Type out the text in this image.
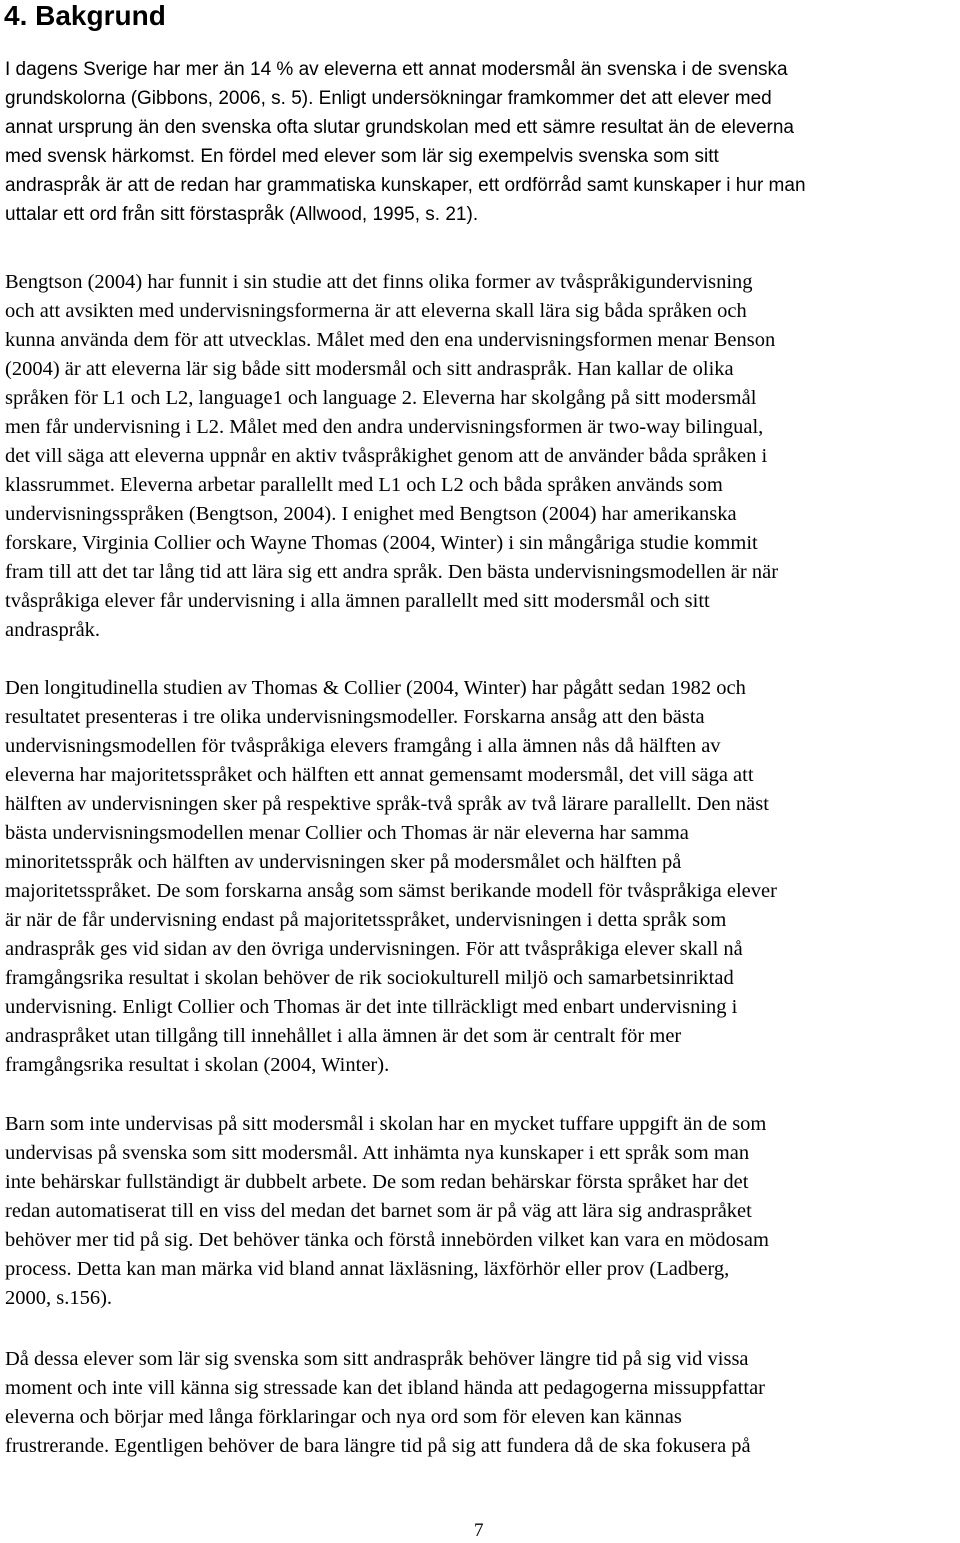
4. Bakgrund

I dagens Sverige har mer än 14 % av eleverna ett annat modersmål än svenska i de svenska

grundskolorna (Gibbons, 2006, s. 5). Enligt undersökningar framkommer det att elever med

annat ursprung än den svenska ofta slutar grundskolan med ett sämre resultat än de eleverna

med svensk härkomst. En fördel med elever som lär sig exempelvis svenska som sitt

andraspråk är att de redan har grammatiska kunskaper, ett ordförråd samt kunskaper i hur man

uttalar ett ord från sitt förstaspråk (Allwood, 1995, s. 21).

Bengtson (2004) har funnit i sin studie att det finns olika former av tvåspråkigundervisning

och att avsikten med undervisningsformerna är att eleverna skall lära sig båda språken och

kunna använda dem för att utvecklas. Målet med den ena undervisningsformen menar Benson

(2004) är att eleverna lär sig både sitt modersmål och sitt andraspråk. Han kallar de olika

språken för L1 och L2, language1 och language 2. Eleverna har skolgång på sitt modersmål

men får undervisning i L2. Målet med den andra undervisningsformen är two-way bilingual,

det vill säga att eleverna uppnår en aktiv tvåspråkighet genom att de använder båda språken i

klassrummet. Eleverna arbetar parallellt med L1 och L2 och båda språken används som

undervisningsspråken (Bengtson, 2004). I enighet med Bengtson (2004) har amerikanska

forskare, Virginia Collier och Wayne Thomas (2004, Winter) i sin mångåriga studie kommit

fram till att det tar lång tid att lära sig ett andra språk. Den bästa undervisningsmodellen är när

tvåspråkiga elever får undervisning i alla ämnen parallellt med sitt modersmål och sitt

andraspråk.

Den longitudinella studien av Thomas & Collier (2004, Winter) har pågått sedan 1982 och

resultatet presenteras i tre olika undervisningsmodeller. Forskarna ansåg att den bästa

undervisningsmodellen för tvåspråkiga elevers framgång i alla ämnen nås då hälften av

eleverna har majoritetsspråket och hälften ett annat gemensamt modersmål, det vill säga att

hälften av undervisningen sker på respektive språk-två språk av två lärare parallellt. Den näst

bästa undervisningsmodellen menar Collier och Thomas är när eleverna har samma

minoritetsspråk och hälften av undervisningen sker på modersmålet och hälften på

majoritetsspråket. De som forskarna ansåg som sämst berikande modell för tvåspråkiga elever

är när de får undervisning endast på majoritetsspråket, undervisningen i detta språk som

andraspråk ges vid sidan av den övriga undervisningen. För att tvåspråkiga elever skall nå

framgångsrika resultat i skolan behöver de rik sociokulturell miljö och samarbetsinriktad

undervisning. Enligt Collier och Thomas är det inte tillräckligt med enbart undervisning i

andraspråket utan tillgång till innehållet i alla ämnen är det som är centralt för mer

framgångsrika resultat i skolan (2004, Winter).

Barn som inte undervisas på sitt modersmål i skolan har en mycket tuffare uppgift än de som

undervisas på svenska som sitt modersmål. Att inhämta nya kunskaper i ett språk som man

inte behärskar fullständigt är dubbelt arbete. De som redan behärskar första språket har det

redan automatiserat till en viss del medan det barnet som är på väg att lära sig andraspråket

behöver mer tid på sig. Det behöver tänka och förstå innebörden vilket kan vara en mödosam

process. Detta kan man märka vid bland annat läxläsning, läxförhör eller prov (Ladberg,

2000, s.156).

Då dessa elever som lär sig svenska som sitt andraspråk behöver längre tid på sig vid vissa

moment och inte vill känna sig stressade kan det ibland hända att pedagogerna missuppfattar

eleverna och börjar med långa förklaringar och nya ord som för eleven kan kännas

frustrerande. Egentligen behöver de bara längre tid på sig att fundera då de ska fokusera på

7
